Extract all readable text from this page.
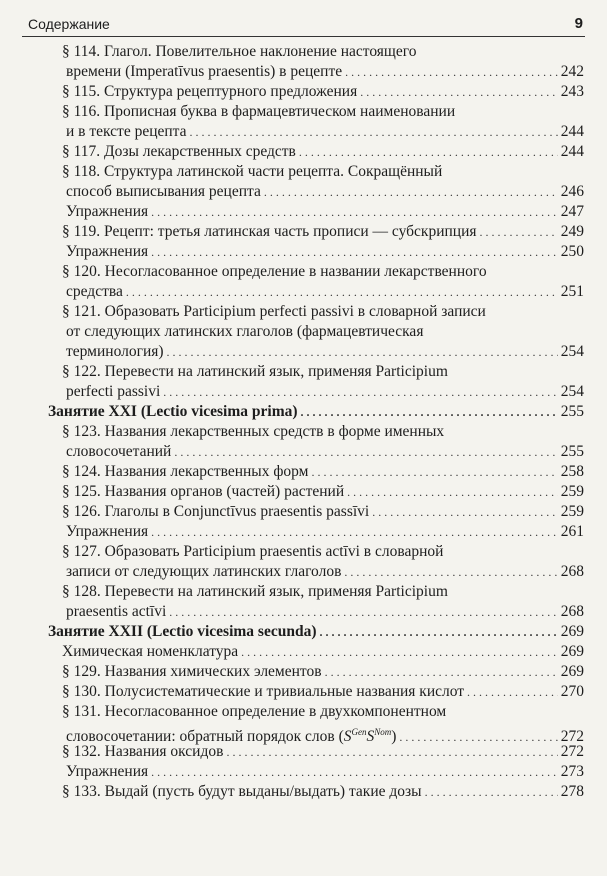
Содержание	9
§ 114. Глагол. Повелительное наклонение настоящего
времени (Imperatīvus praesentis) в рецепте .....	242
§ 115. Структура рецептурного предложения .....	243
§ 116. Прописная буква в фармацевтическом наименовании
и в тексте рецепта .....	244
§ 117. Дозы лекарственных средств .....	244
§ 118. Структура латинской части рецепта. Сокращённый
способ выписывания рецепта .....	246
Упражнения .....	247
§ 119. Рецепт: третья латинская часть прописи — субскрипция .....	249
Упражнения .....	250
§ 120. Несогласованное определение в названии лекарственного
средства .....	251
§ 121. Образовать Participium perfecti passivi в словарной записи
от следующих латинских глаголов (фармацевтическая
терминология) .....	254
§ 122. Перевести на латинский язык, применяя Participium
perfecti passivi .....	254
Занятие XXI (Lectio vicesima prima) .....	255
§ 123. Названия лекарственных средств в форме именных
словосочетаний .....	255
§ 124. Названия лекарственных форм .....	258
§ 125. Названия органов (частей) растений .....	259
§ 126. Глаголы в Conjunctīvus praesentis passīvi .....	259
Упражнения .....	261
§ 127. Образовать Participium praesentis actīvi в словарной
записи от следующих латинских глаголов .....	268
§ 128. Перевести на латинский язык, применяя Participium
praesentis actīvi .....	268
Занятие XXII (Lectio vicesima secunda) .....	269
Химическая номенклатура .....	269
§ 129. Названия химических элементов .....	269
§ 130. Полусистематические и тривиальные названия кислот .....	270
§ 131. Несогласованное определение в двухкомпонентном
словосочетании: обратный порядок слов $(S^{Gen}S^{Nom})$ .....	272
§ 132. Названия оксидов .....	272
Упражнения .....	273
§ 133. Выдай (пусть будут выданы/выдать) такие дозы .....	278
